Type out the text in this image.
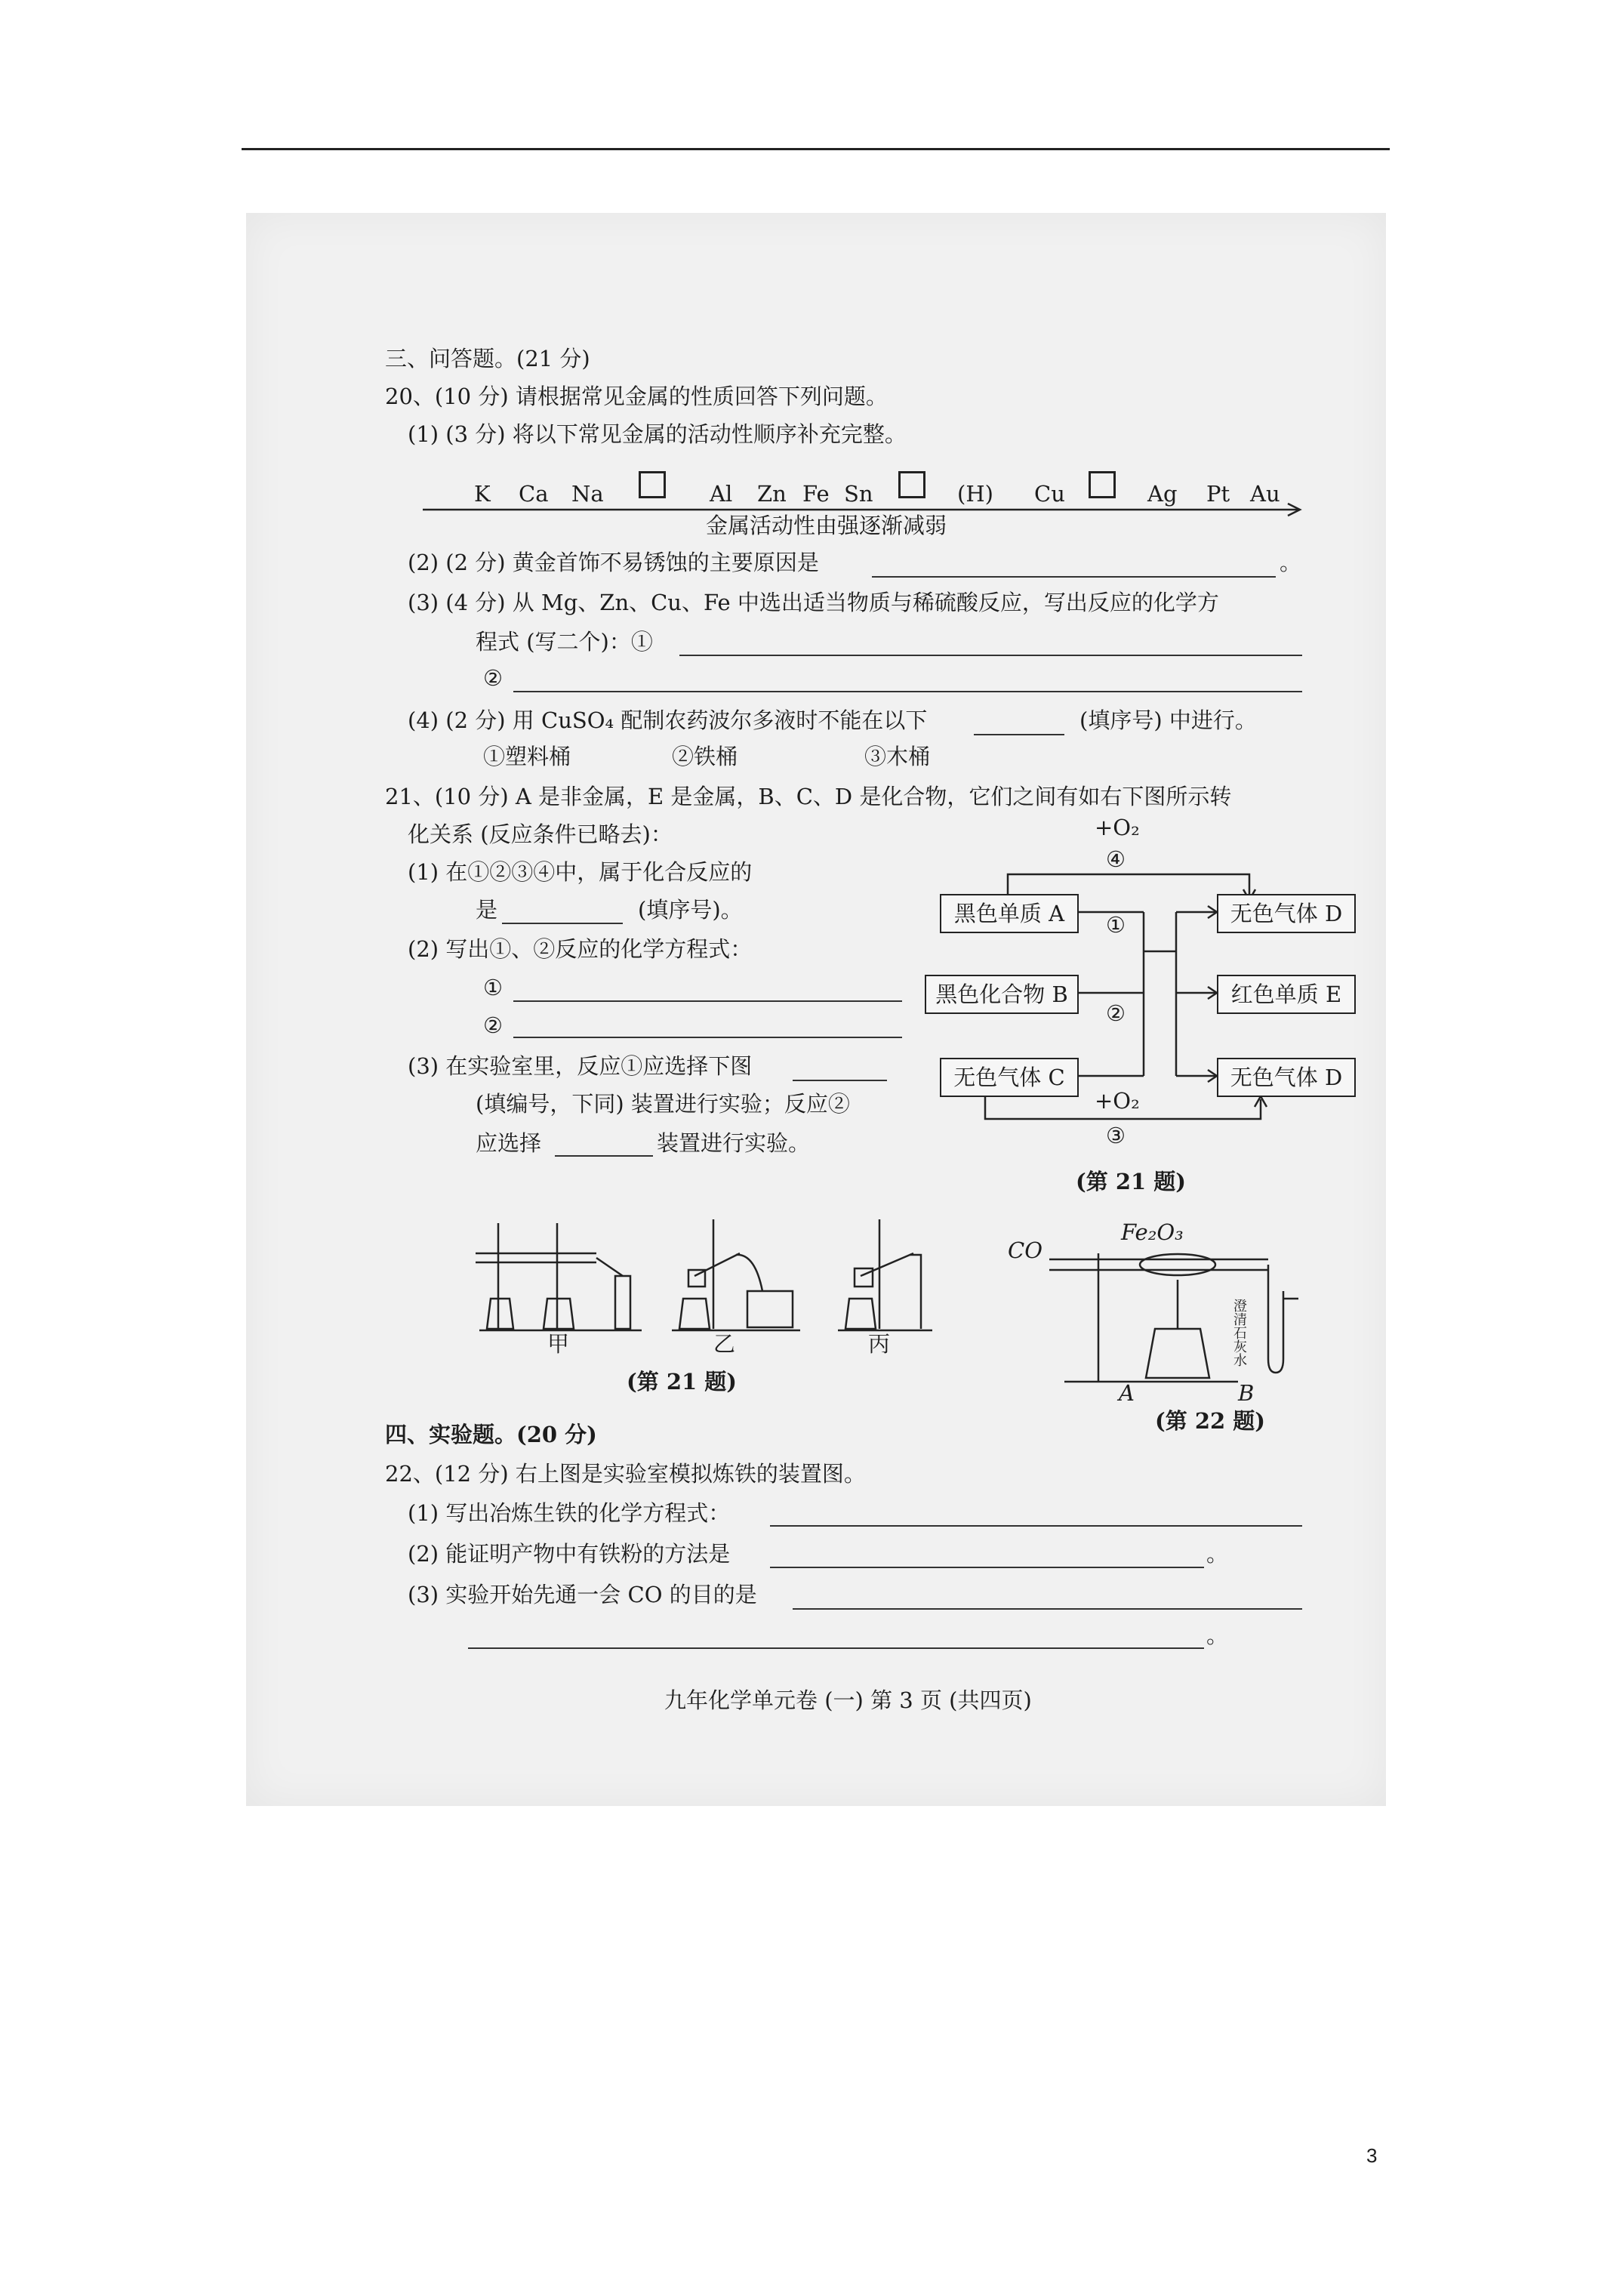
三、问答题。(21 分)
20、(10 分) 请根据常见金属的性质回答下列问题。
(1) (3 分) 将以下常见金属的活动性顺序补充完整。
K Ca Na	Al Zn Fe Sn	(H) Cu	Ag Pt Au
金属活动性由强逐渐减弱
(2) (2 分) 黄金首饰不易锈蚀的主要原因是	。
(3) (4 分) 从 Mg、Zn、Cu、Fe 中选出适当物质与稀硫酸反应，写出反应的化学方
程式 (写二个)：①
②
(4) (2 分) 用 CuSO₄ 配制农药波尔多液时不能在以下	(填序号) 中进行。
①塑料桶	②铁桶	③木桶
21、(10 分) A 是非金属，E 是金属，B、C、D 是化合物，它们之间有如右下图所示转
化关系 (反应条件已略去)：
(1) 在①②③④中，属于化合反应的
是	(填序号)。
(2) 写出①、②反应的化学方程式：
①
②
(3) 在实验室里，反应①应选择下图
(填编号，下同) 装置进行实验；反应②
应选择	装置进行实验。
+O₂
④
①
②
+O₂
③
黑色单质 A
黑色化合物 B
无色气体 C
无色气体 D
红色单质 E
无色气体 D
(第 21 题)
甲	乙	丙
(第 21 题)
CO
Fe₂O₃
澄清石灰水
A	B
(第 22 题)
四、实验题。(20 分)
22、(12 分) 右上图是实验室模拟炼铁的装置图。
(1) 写出冶炼生铁的化学方程式：
(2) 能证明产物中有铁粉的方法是	。
(3) 实验开始先通一会 CO 的目的是
。
九年化学单元卷 (一) 第 3 页 (共四页)
3
